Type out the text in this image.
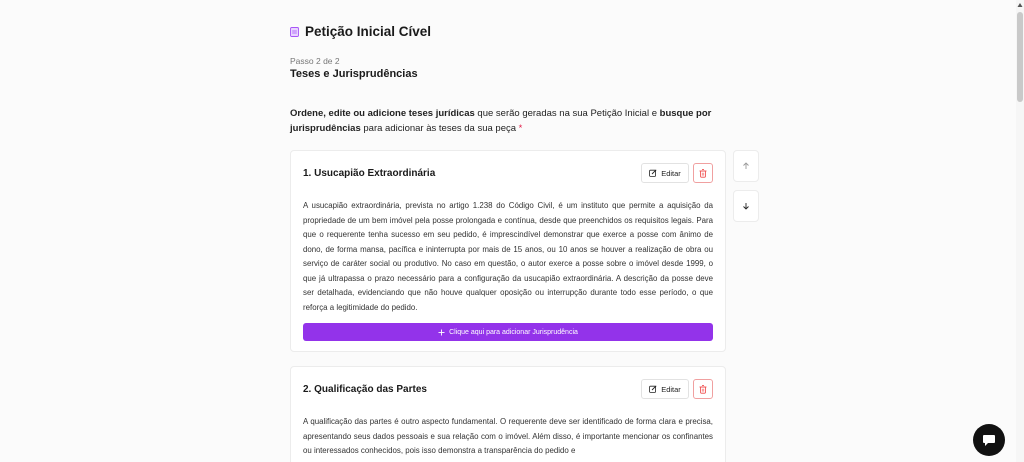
Petição Inicial Cível
Passo 2 de 2
Teses e Jurisprudências

Ordene, edite ou adicione teses jurídicas que serão geradas na sua Petição Inicial e busque por jurisprudências para adicionar às teses da sua peça *

1. Usucapião Extraordinária	Editar

A usucapião extraordinária, prevista no artigo 1.238 do Código Civil, é um instituto que permite a aquisição da propriedade de um bem imóvel pela posse prolongada e contínua, desde que preenchidos os requisitos legais. Para que o requerente tenha sucesso em seu pedido, é imprescindível demonstrar que exerce a posse com ânimo de dono, de forma mansa, pacífica e ininterrupta por mais de 15 anos, ou 10 anos se houver a realização de obra ou serviço de caráter social ou produtivo. No caso em questão, o autor exerce a posse sobre o imóvel desde 1999, o que já ultrapassa o prazo necessário para a configuração da usucapião extraordinária. A descrição da posse deve ser detalhada, evidenciando que não houve qualquer oposição ou interrupção durante todo esse período, o que reforça a legitimidade do pedido.

Clique aqui para adicionar Jurisprudência
2. Qualificação das Partes	Editar

A qualificação das partes é outro aspecto fundamental. O requerente deve ser identificado de forma clara e precisa, apresentando seus dados pessoais e sua relação com o imóvel. Além disso, é importante mencionar os confinantes ou interessados conhecidos, pois isso demonstra a transparência do pedido e
